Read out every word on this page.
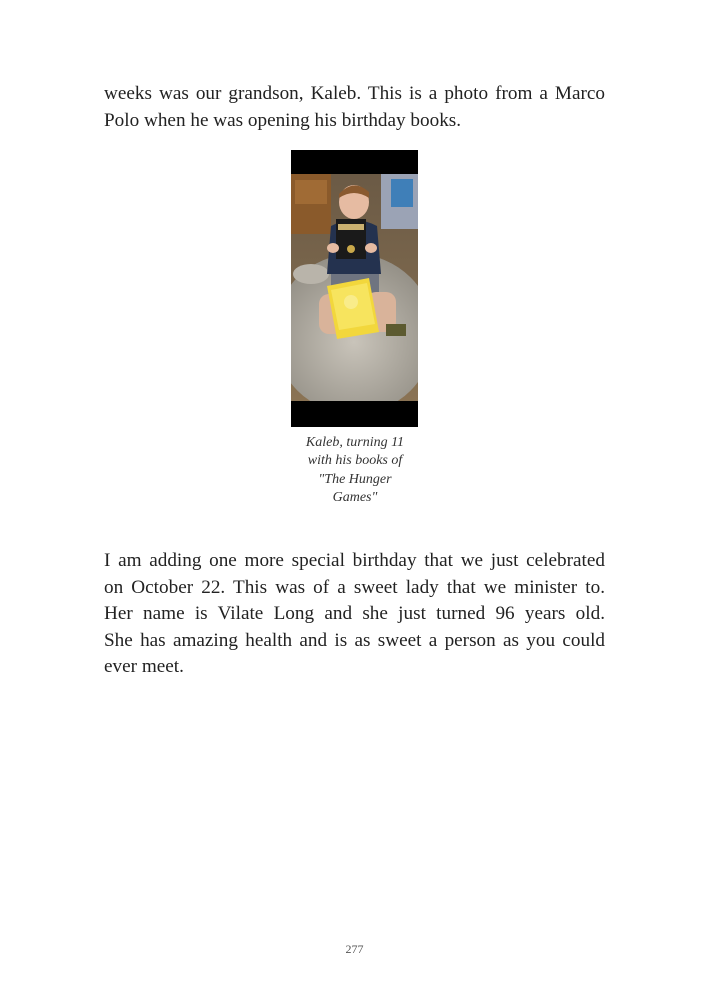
weeks was our grandson, Kaleb. This is a photo from a Marco
Polo when he was opening his birthday books.
Kaleb, turning 11
with his books of
"The Hunger
Games"
I am adding one more special birthday that we just celebrated
on October 22. This was of a sweet lady that we minister to.
Her name is Vilate Long and she just turned 96 years old.
She has amazing health and is as sweet a person as you could
ever meet.
277
